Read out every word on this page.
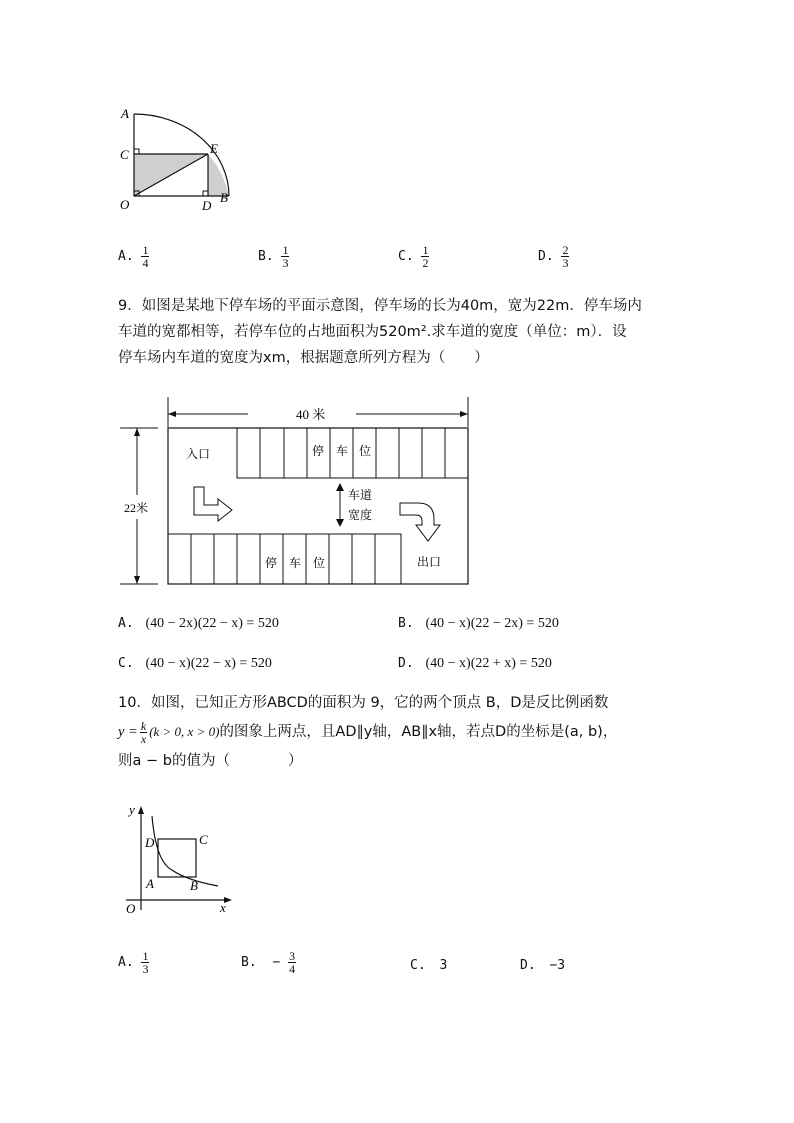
A
C	E
O	D
B
A. $\frac{1}{4}$	B. $\frac{1}{3}$	C. $\frac{1}{2}$	D. $\frac{2}{3}$
9．如图是某地下停车场的平面示意图，停车场的长为40m，宽为22m．停车场内
车道的宽都相等，若停车位的占地面积为520m².求车道的宽度（单位：m）．设
停车场内车道的宽度为xm，根据题意所列方程为（　　）
40 米
22米
入口
出口
停 车 位
停 车 位
车道
宽度
A. (40 − 2x)(22 − x) = 520	B. (40 − x)(22 − 2x) = 520
C. (40 − x)(22 − x) = 520	D. (40 − x)(22 + x) = 520
10．如图，已知正方形ABCD的面积为 9，它的两个顶点 B，D是反比例函数
$y = \frac{k}{x} (k > 0$, x > 0) 的图象上两点，且AD∥y轴，AB∥x轴，若点D的坐标是(a, b)，
则a − b的值为（　　　　）
y
x
O
A	B
C
D
A. $\frac{1}{3}$	B. − $\frac{3}{4}$	C. 3	D. −3
